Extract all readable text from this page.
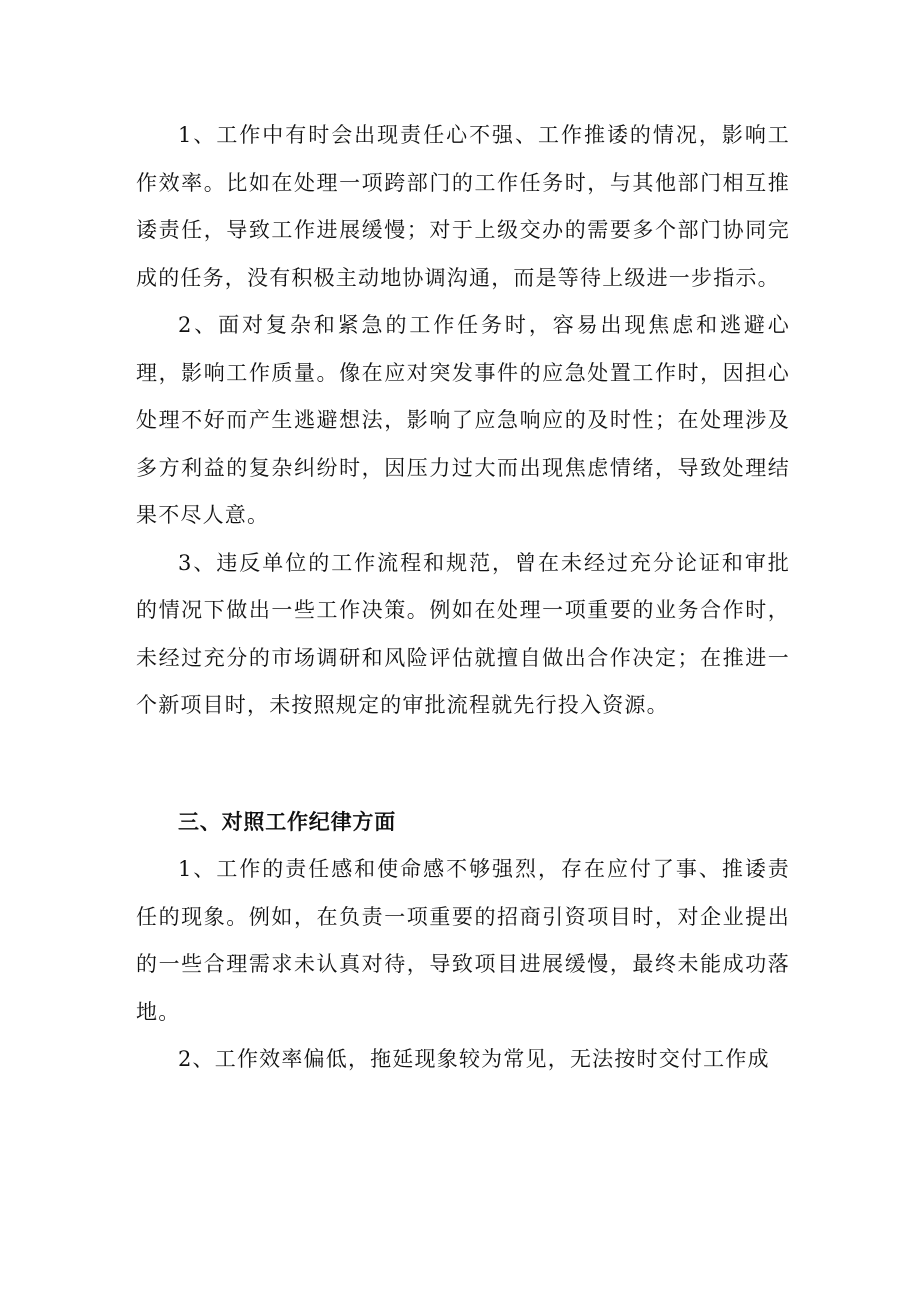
1、工作中有时会出现责任心不强、工作推诿的情况，影响工作效率。比如在处理一项跨部门的工作任务时，与其他部门相互推诿责任，导致工作进展缓慢；对于上级交办的需要多个部门协同完成的任务，没有积极主动地协调沟通，而是等待上级进一步指示。

2、面对复杂和紧急的工作任务时，容易出现焦虑和逃避心理，影响工作质量。像在应对突发事件的应急处置工作时，因担心处理不好而产生逃避想法，影响了应急响应的及时性；在处理涉及多方利益的复杂纠纷时，因压力过大而出现焦虑情绪，导致处理结果不尽人意。

3、违反单位的工作流程和规范，曾在未经过充分论证和审批的情况下做出一些工作决策。例如在处理一项重要的业务合作时，未经过充分的市场调研和风险评估就擅自做出合作决定；在推进一个新项目时，未按照规定的审批流程就先行投入资源。

三、对照工作纪律方面

1、工作的责任感和使命感不够强烈，存在应付了事、推诿责任的现象。例如，在负责一项重要的招商引资项目时，对企业提出的一些合理需求未认真对待，导致项目进展缓慢，最终未能成功落地。

2、工作效率偏低，拖延现象较为常见，无法按时交付工作成
